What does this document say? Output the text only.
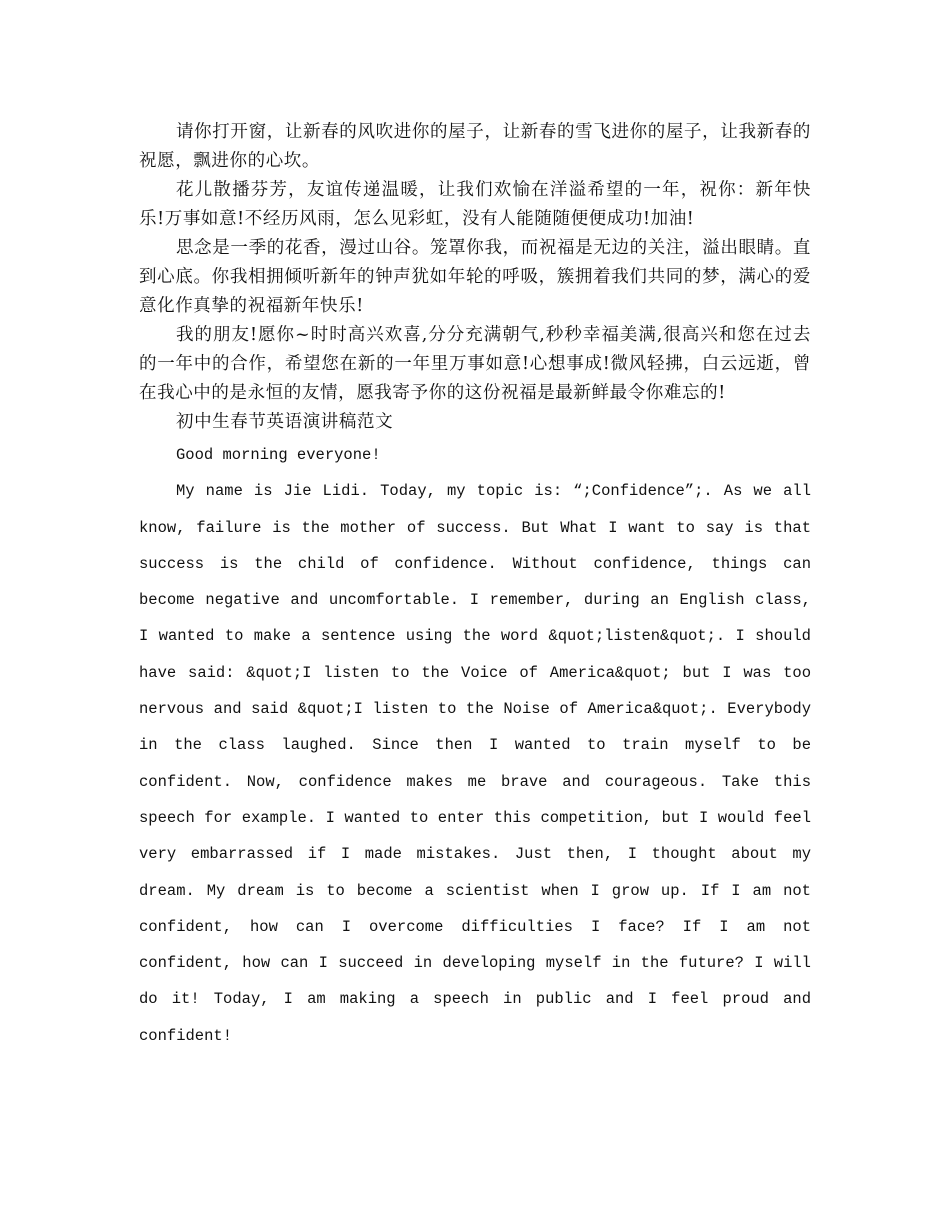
请你打开窗，让新春的风吹进你的屋子，让新春的雪飞进你的屋子，让我新春的祝愿，飘进你的心坎。

花儿散播芬芳，友谊传递温暖，让我们欢愉在洋溢希望的一年，祝你：新年快乐!万事如意!不经历风雨，怎么见彩虹，没有人能随随便便成功!加油!

思念是一季的花香，漫过山谷。笼罩你我，而祝福是无边的关注，溢出眼睛。直到心底。你我相拥倾听新年的钟声犹如年轮的呼吸，簇拥着我们共同的梦，满心的爱意化作真挚的祝福新年快乐!

我的朋友!愿你~时时高兴欢喜,分分充满朝气,秒秒幸福美满,很高兴和您在过去的一年中的合作，希望您在新的一年里万事如意!心想事成!微风轻拂，白云远逝，曾在我心中的是永恒的友情，愿我寄予你的这份祝福是最新鲜最令你难忘的!

初中生春节英语演讲稿范文

Good morning everyone!

My name is Jie Lidi. Today, my topic is: “;Confidence”;. As we all know, failure is the mother of success. But What I want to say is that success is the child of confidence. Without confidence, things can become negative and uncomfortable. I remember, during an English class, I wanted to make a sentence using the word &quot;listen&quot;. I should have said: &quot;I listen to the Voice of America&quot; but I was too nervous and said &quot;I listen to the Noise of America&quot;. Everybody in the class laughed. Since then I wanted to train myself to be confident. Now, confidence makes me brave and courageous. Take this speech for example. I wanted to enter this competition, but I would feel very embarrassed if I made mistakes. Just then, I thought about my dream. My dream is to become a scientist when I grow up. If I am not confident, how can I overcome difficulties I face? If I am not confident, how can I succeed in developing myself in the future? I will do it! Today, I am making a speech in public and I feel proud and confident!
